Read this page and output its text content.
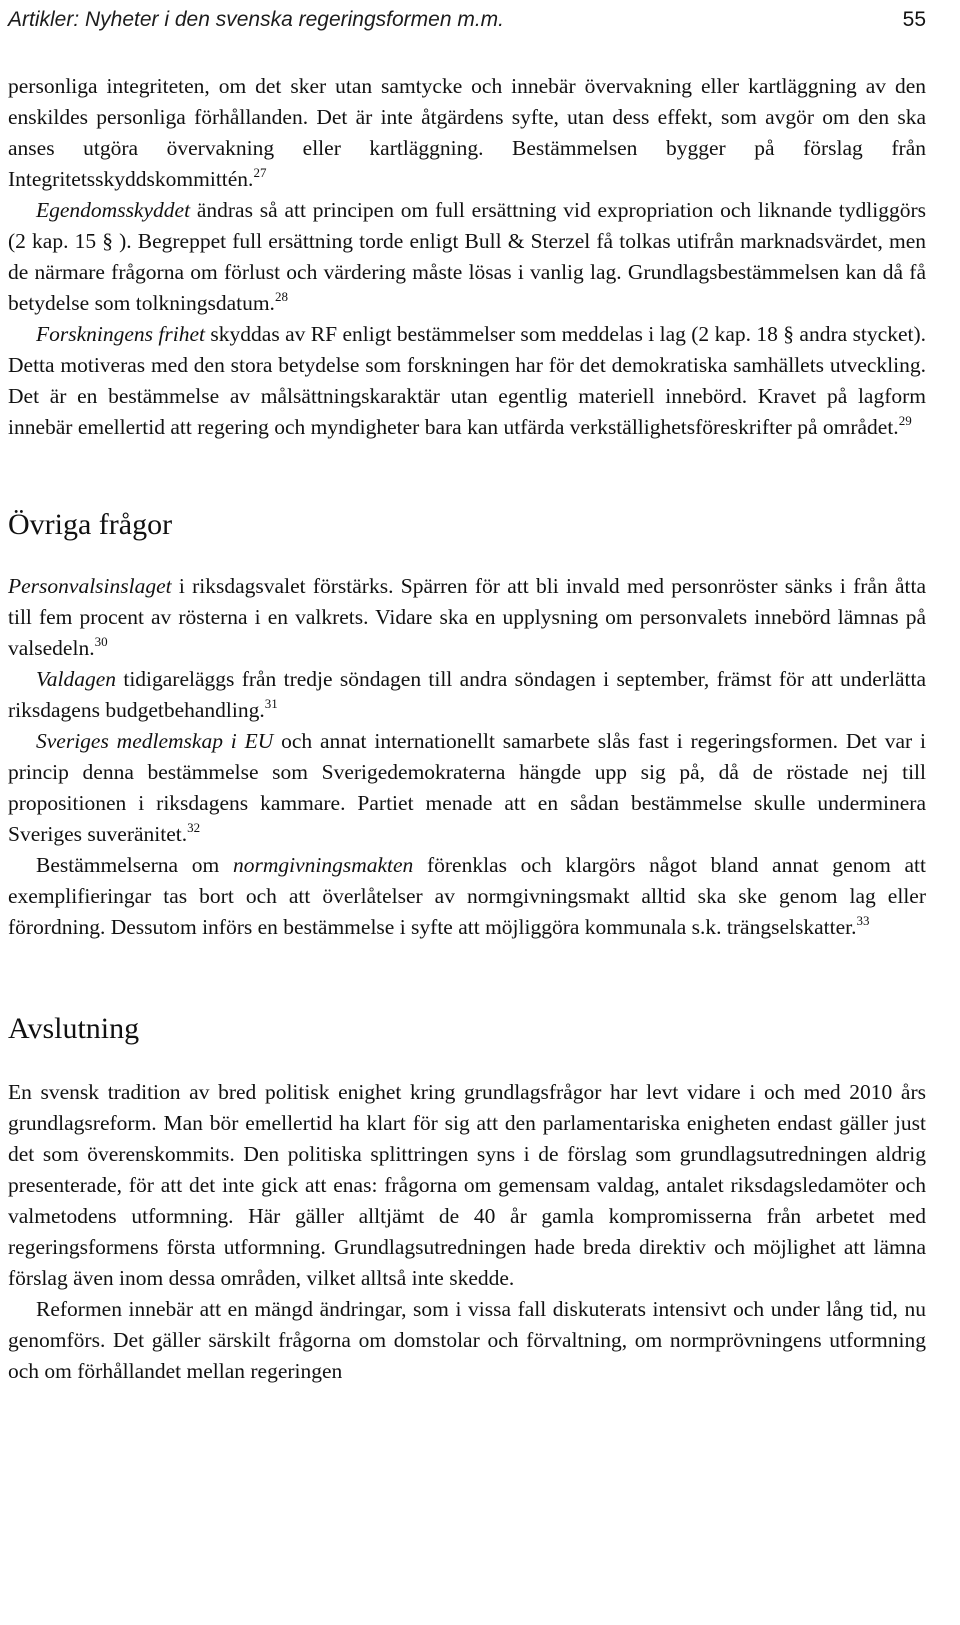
Artikler: Nyheter i den svenska regeringsformen m.m.	55

personliga integriteten, om det sker utan samtycke och innebär övervakning eller kartläggning av den enskildes personliga förhållanden. Det är inte åtgärdens syfte, utan dess effekt, som avgör om den ska anses utgöra övervakning eller kartläggning. Bestämmelsen bygger på förslag från Integritetsskyddskommittén.$^{27}$

Egendomsskyddet ändras så att principen om full ersättning vid expropriation och liknande tydliggörs (2 kap. 15 § ). Begreppet full ersättning torde enligt Bull & Sterzel få tolkas utifrån marknadsvärdet, men de närmare frågorna om förlust och värdering måste lösas i vanlig lag. Grundlagsbestämmelsen kan då få betydelse som tolkningsdatum.$^{28}$

Forskningens frihet skyddas av RF enligt bestämmelser som meddelas i lag (2 kap. 18 § andra stycket). Detta motiveras med den stora betydelse som forskningen har för det demokratiska samhällets utveckling. Det är en bestämmelse av målsättningskaraktär utan egentlig materiell innebörd. Kravet på lagform innebär emellertid att regering och myndigheter bara kan utfärda verkställighetsföreskrifter på området.$^{29}$

Övriga frågor

Personvalsinslaget i riksdagsvalet förstärks. Spärren för att bli invald med personröster sänks i från åtta till fem procent av rösterna i en valkrets. Vidare ska en upplysning om personvalets innebörd lämnas på valsedeln.$^{30}$

Valdagen tidigareläggs från tredje söndagen till andra söndagen i september, främst för att underlätta riksdagens budgetbehandling.$^{31}$

Sveriges medlemskap i EU och annat internationellt samarbete slås fast i regeringsformen. Det var i princip denna bestämmelse som Sverigedemokraterna hängde upp sig på, då de röstade nej till propositionen i riksdagens kammare. Partiet menade att en sådan bestämmelse skulle underminera Sveriges suveränitet.$^{32}$

Bestämmelserna om normgivningsmakten förenklas och klargörs något bland annat genom att exemplifieringar tas bort och att överlåtelser av normgivningsmakt alltid ska ske genom lag eller förordning. Dessutom införs en bestämmelse i syfte att möjliggöra kommunala s.k. trängselskatter.$^{33}$

Avslutning

En svensk tradition av bred politisk enighet kring grundlagsfrågor har levt vidare i och med 2010 års grundlagsreform. Man bör emellertid ha klart för sig att den parlamentariska enigheten endast gäller just det som överenskommits. Den politiska splittringen syns i de förslag som grundlagsutredningen aldrig presenterade, för att det inte gick att enas: frågorna om gemensam valdag, antalet riksdagsledamöter och valmetodens utformning. Här gäller alltjämt de 40 år gamla kompromisserna från arbetet med regeringsformens första utformning. Grundlagsutredningen hade breda direktiv och möjlighet att lämna förslag även inom dessa områden, vilket alltså inte skedde.

Reformen innebär att en mängd ändringar, som i vissa fall diskuterats intensivt och under lång tid, nu genomförs. Det gäller särskilt frågorna om domstolar och förvaltning, om normprövningens utformning och om förhållandet mellan regeringen
